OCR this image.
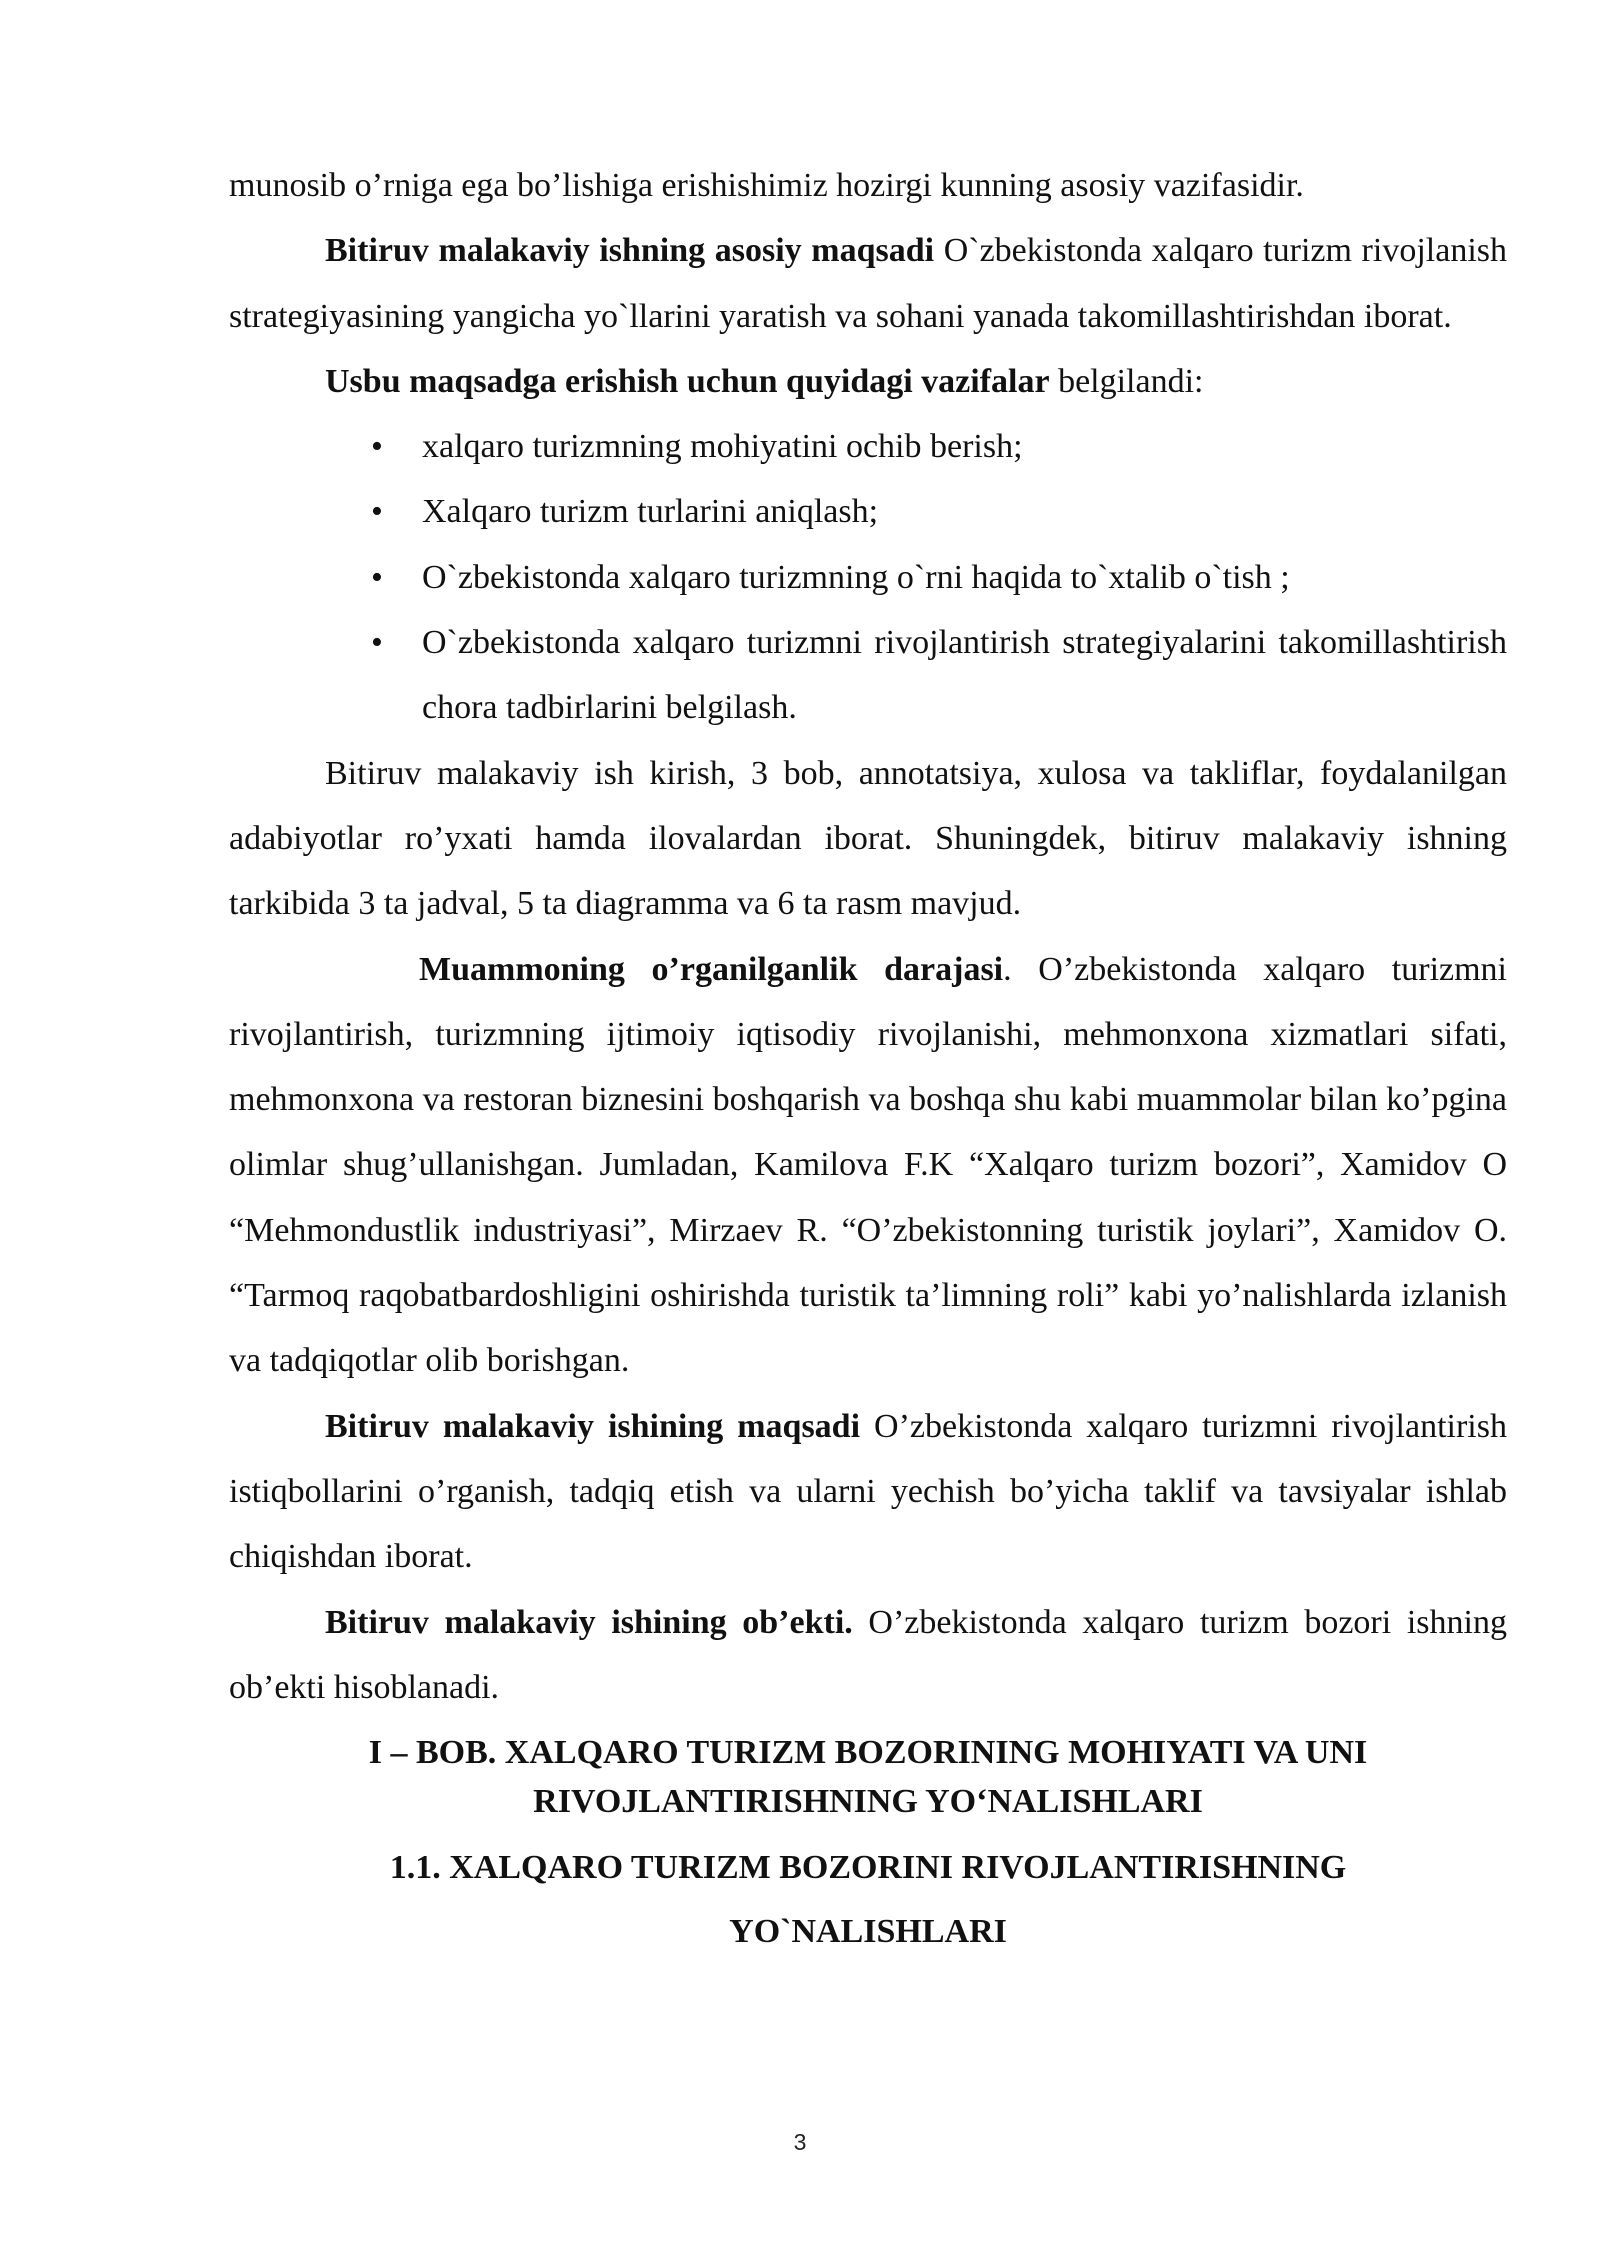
munosib o’rniga ega bo’lishiga erishishimiz hozirgi kunning asosiy vazifasidir.

Bitiruv malakaviy ishning asosiy maqsadi O`zbekistonda xalqaro turizm rivojlanish strategiyasining yangicha yo`llarini yaratish va sohani yanada takomillashtirishdan iborat.

Usbu maqsadga erishish uchun quyidagi vazifalar belgilandi:

• xalqaro turizmning mohiyatini ochib berish;
• Xalqaro turizm turlarini aniqlash;
• O`zbekistonda xalqaro turizmning o`rni haqida to`xtalib o`tish ;
• O`zbekistonda xalqaro turizmni rivojlantirish strategiyalarini takomillashtirish chora tadbirlarini belgilash.

Bitiruv malakaviy ish kirish, 3 bob, annotatsiya, xulosa va takliflar, foydalanilgan adabiyotlar ro’yxati hamda ilovalardan iborat. Shuningdek, bitiruv malakaviy ishning tarkibida 3 ta jadval, 5 ta diagramma va 6 ta rasm mavjud.

Muammoning o’rganilganlik darajasi. O’zbekistonda xalqaro turizmni rivojlantirish, turizmning ijtimoiy iqtisodiy rivojlanishi, mehmonxona xizmatlari sifati, mehmonxona va restoran biznesini boshqarish va boshqa shu kabi muammolar bilan ko’pgina olimlar shug’ullanishgan. Jumladan, Kamilova F.K “Xalqaro turizm bozori”, Xamidov O “Mehmondustlik industriyasi”, Mirzaev R. “O’zbekistonning turistik joylari”, Xamidov O. “Tarmoq raqobatbardoshligini oshirishda turistik ta’limning roli” kabi yo’nalishlarda izlanish va tadqiqotlar olib borishgan.

Bitiruv malakaviy ishining maqsadi O’zbekistonda xalqaro turizmni rivojlantirish istiqbollarini o’rganish, tadqiq etish va ularni yechish bo’yicha taklif va tavsiyalar ishlab chiqishdan iborat.

Bitiruv malakaviy ishining ob’ekti. O’zbekistonda xalqaro turizm bozori ishning ob’ekti hisoblanadi.

I – BOB. XALQARO TURIZM BOZORINING MOHIYATI VA UNI
RIVOJLANTIRISHNING YO‘NALISHLARI
1.1. XALQARO TURIZM BOZORINI RIVOJLANTIRISHNING
YO`NALISHLARI
3
